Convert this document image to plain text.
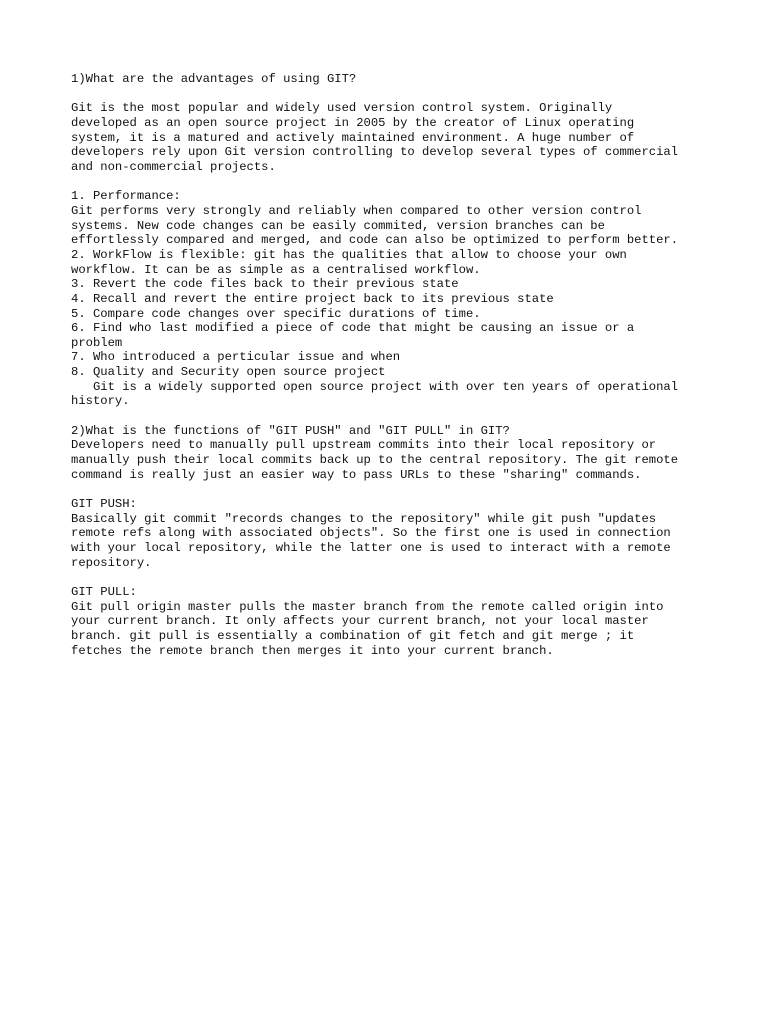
1)What are the advantages of using GIT?

Git is the most popular and widely used version control system. Originally
developed as an open source project in 2005 by the creator of Linux operating
system, it is a matured and actively maintained environment. A huge number of
developers rely upon Git version controlling to develop several types of commercial
and non-commercial projects.

1. Performance:
Git performs very strongly and reliably when compared to other version control
systems. New code changes can be easily commited, version branches can be
effortlessly compared and merged, and code can also be optimized to perform better.
2. WorkFlow is flexible: git has the qualities that allow to choose your own
workflow. It can be as simple as a centralised workflow.
3. Revert the code files back to their previous state
4. Recall and revert the entire project back to its previous state
5. Compare code changes over specific durations of time.
6. Find who last modified a piece of code that might be causing an issue or a
problem
7. Who introduced a perticular issue and when
8. Quality and Security open source project
Git is a widely supported open source project with over ten years of operational
history.

2)What is the functions of "GIT PUSH" and "GIT PULL" in GIT?
Developers need to manually pull upstream commits into their local repository or
manually push their local commits back up to the central repository. The git remote
command is really just an easier way to pass URLs to these "sharing" commands.

GIT PUSH:
Basically git commit "records changes to the repository" while git push "updates
remote refs along with associated objects". So the first one is used in connection
with your local repository, while the latter one is used to interact with a remote
repository.

GIT PULL:
Git pull origin master pulls the master branch from the remote called origin into
your current branch. It only affects your current branch, not your local master
branch. git pull is essentially a combination of git fetch and git merge ; it
fetches the remote branch then merges it into your current branch.
